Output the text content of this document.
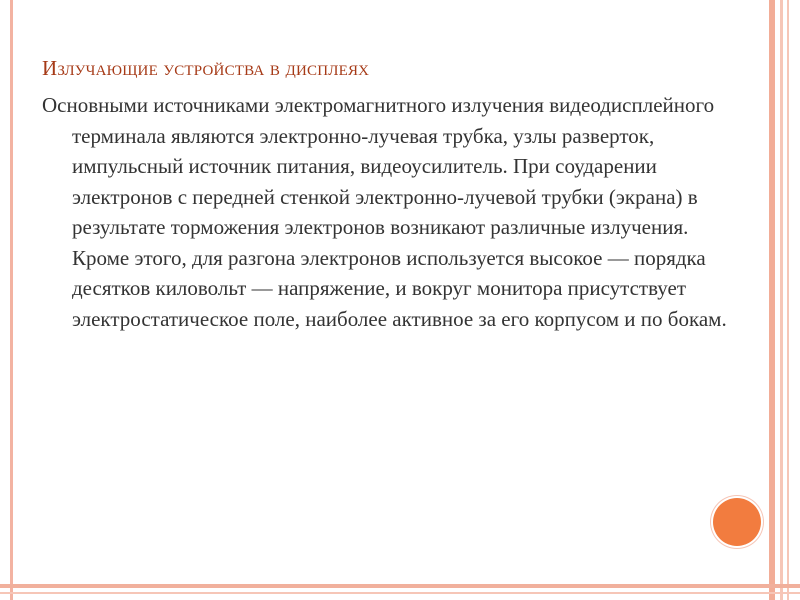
Излучающие устройства в дисплеях

Основными источниками электромагнитного излучения видеодисплейного терминала являются электронно-лучевая трубка, узлы разверток, импульсный источник питания, видеоусилитель. При соударении электронов с передней стенкой электронно-лучевой трубки (экрана) в результате торможения электронов возникают различные излучения. Кроме этого, для разгона электронов используется высокое — порядка десятков киловольт — напряжение, и вокруг монитора присутствует электростатическое поле, наиболее активное за его корпусом и по бокам.
